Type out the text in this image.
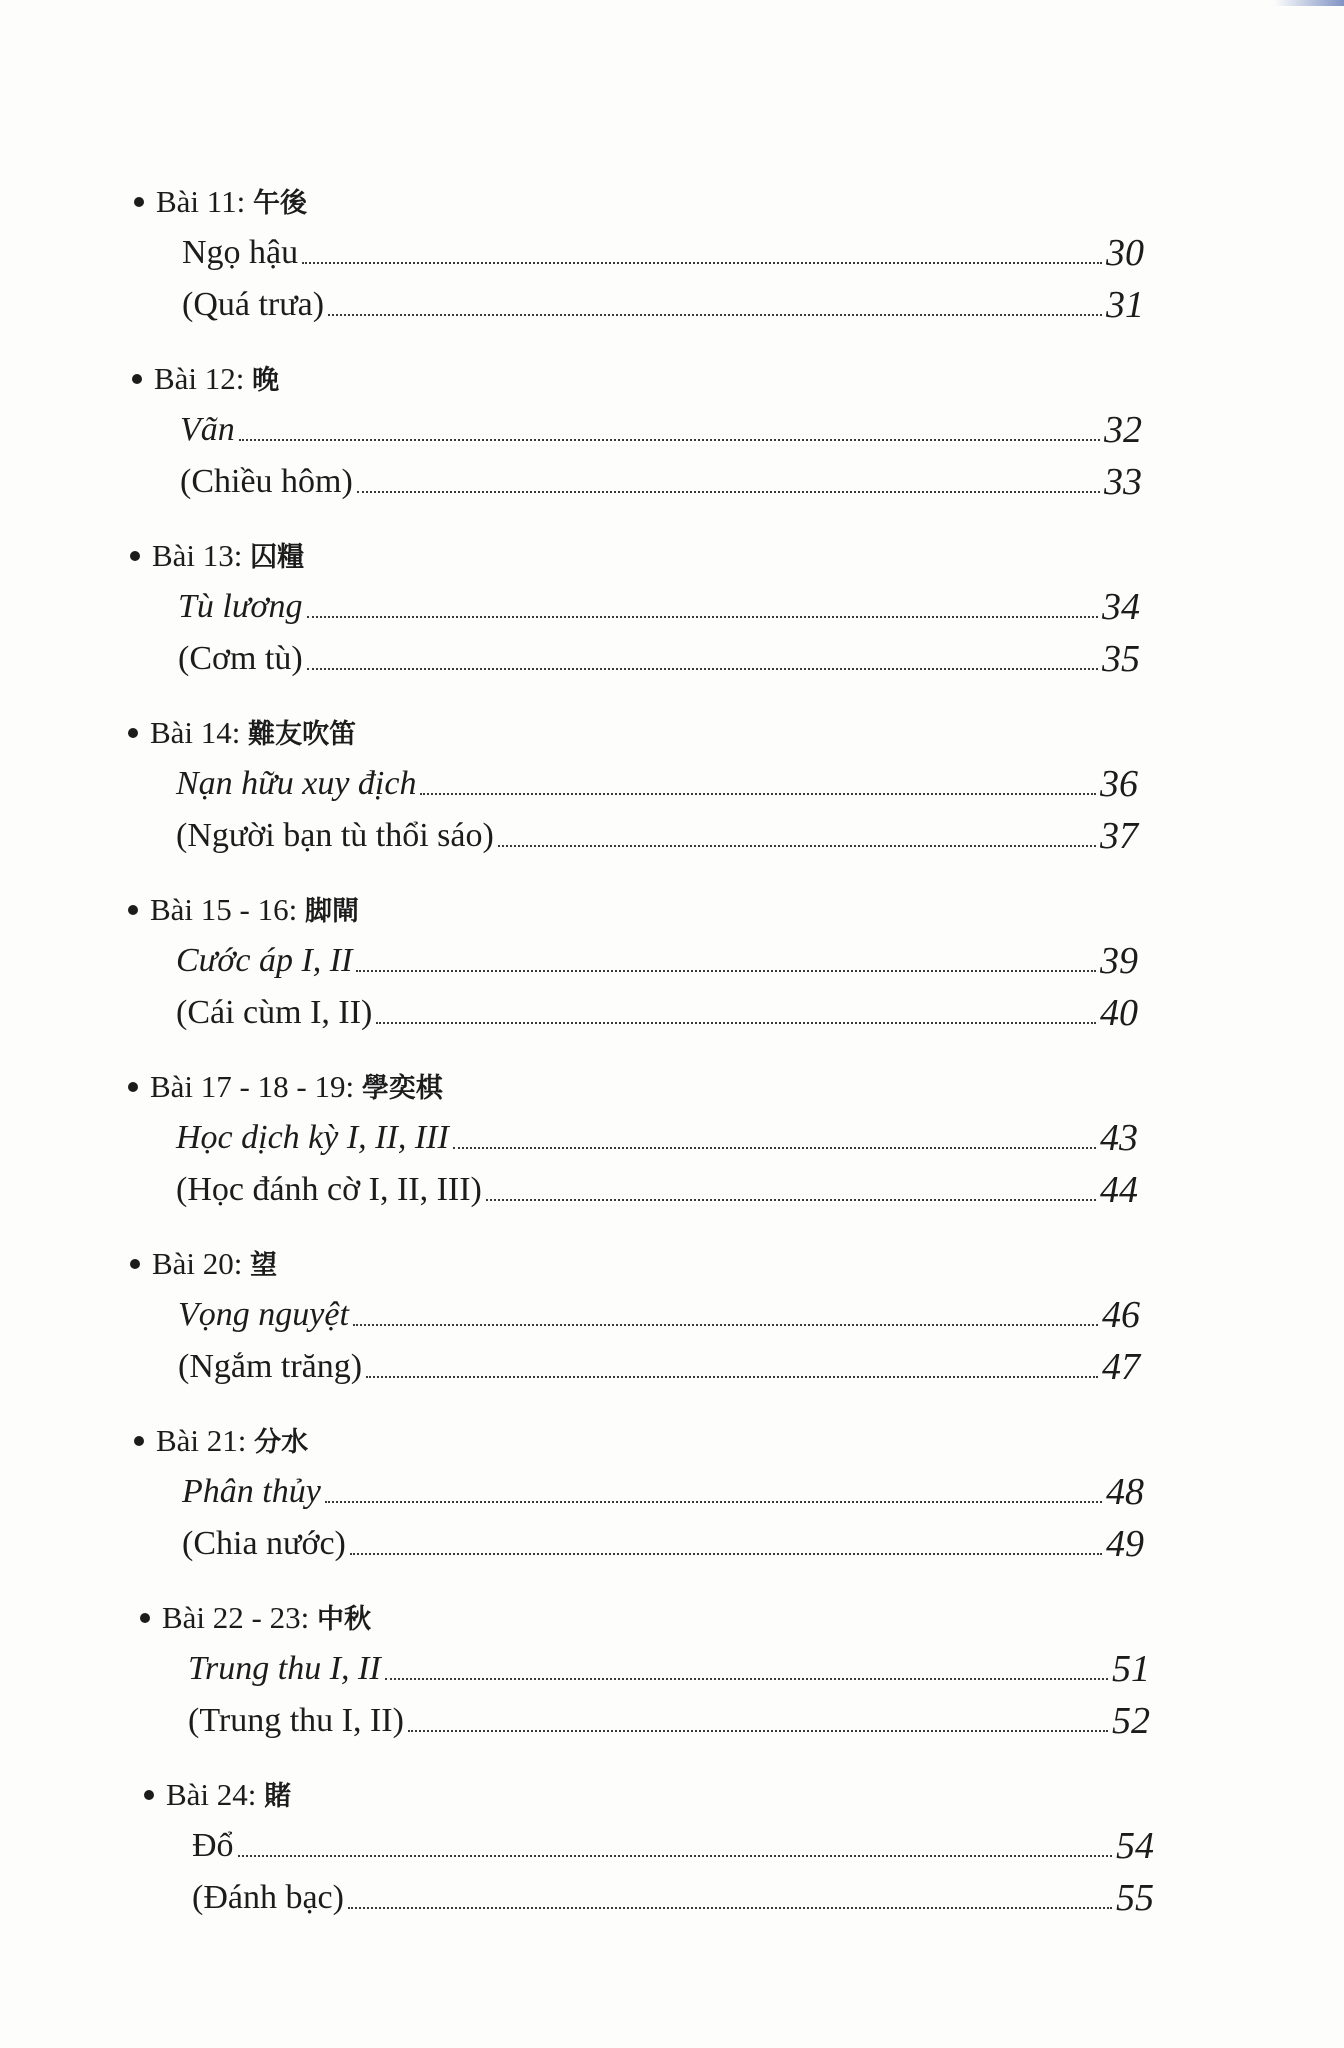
Bài 11: 午後
Ngọ hậu	30
(Quá trưa)	31
Bài 12: 晚
Vãn	32
(Chiều hôm)	33
Bài 13: 囚糧
Tù lương	34
(Cơm tù)	35
Bài 14: 難友吹笛
Nạn hữu xuy địch	36
(Người bạn tù thổi sáo)	37
Bài 15 - 16: 脚閘
Cước áp I, II	39
(Cái cùm I, II)	40
Bài 17 - 18 - 19: 學奕棋
Học dịch kỳ I, II, III	43
(Học đánh cờ I, II, III)	44
Bài 20: 望
Vọng nguyệt	46
(Ngắm trăng)	47
Bài 21: 分水
Phân thủy	48
(Chia nước)	49
Bài 22 - 23: 中秋
Trung thu I, II	51
(Trung thu I, II)	52
Bài 24: 賭
Đổ	54
(Đánh bạc)	55
